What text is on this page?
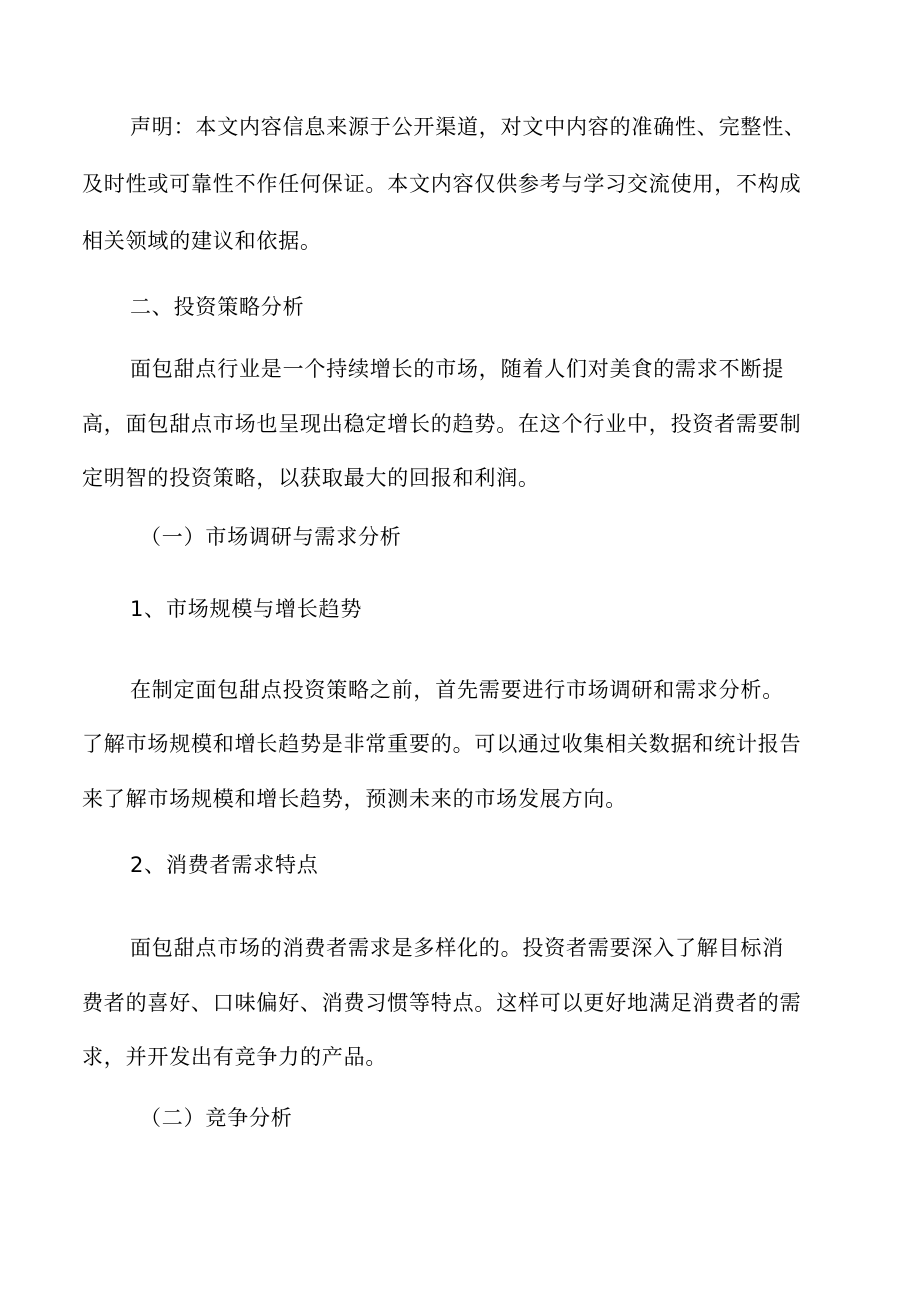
声明：本文内容信息来源于公开渠道，对文中内容的准确性、完整性、
及时性或可靠性不作任何保证。本文内容仅供参考与学习交流使用，不构成
相关领域的建议和依据。
二、投资策略分析
面包甜点行业是一个持续增长的市场，随着人们对美食的需求不断提
高，面包甜点市场也呈现出稳定增长的趋势。在这个行业中，投资者需要制
定明智的投资策略，以获取最大的回报和利润。
（一）市场调研与需求分析
1、市场规模与增长趋势
在制定面包甜点投资策略之前，首先需要进行市场调研和需求分析。
了解市场规模和增长趋势是非常重要的。可以通过收集相关数据和统计报告
来了解市场规模和增长趋势，预测未来的市场发展方向。
2、消费者需求特点
面包甜点市场的消费者需求是多样化的。投资者需要深入了解目标消
费者的喜好、口味偏好、消费习惯等特点。这样可以更好地满足消费者的需
求，并开发出有竞争力的产品。
（二）竞争分析
